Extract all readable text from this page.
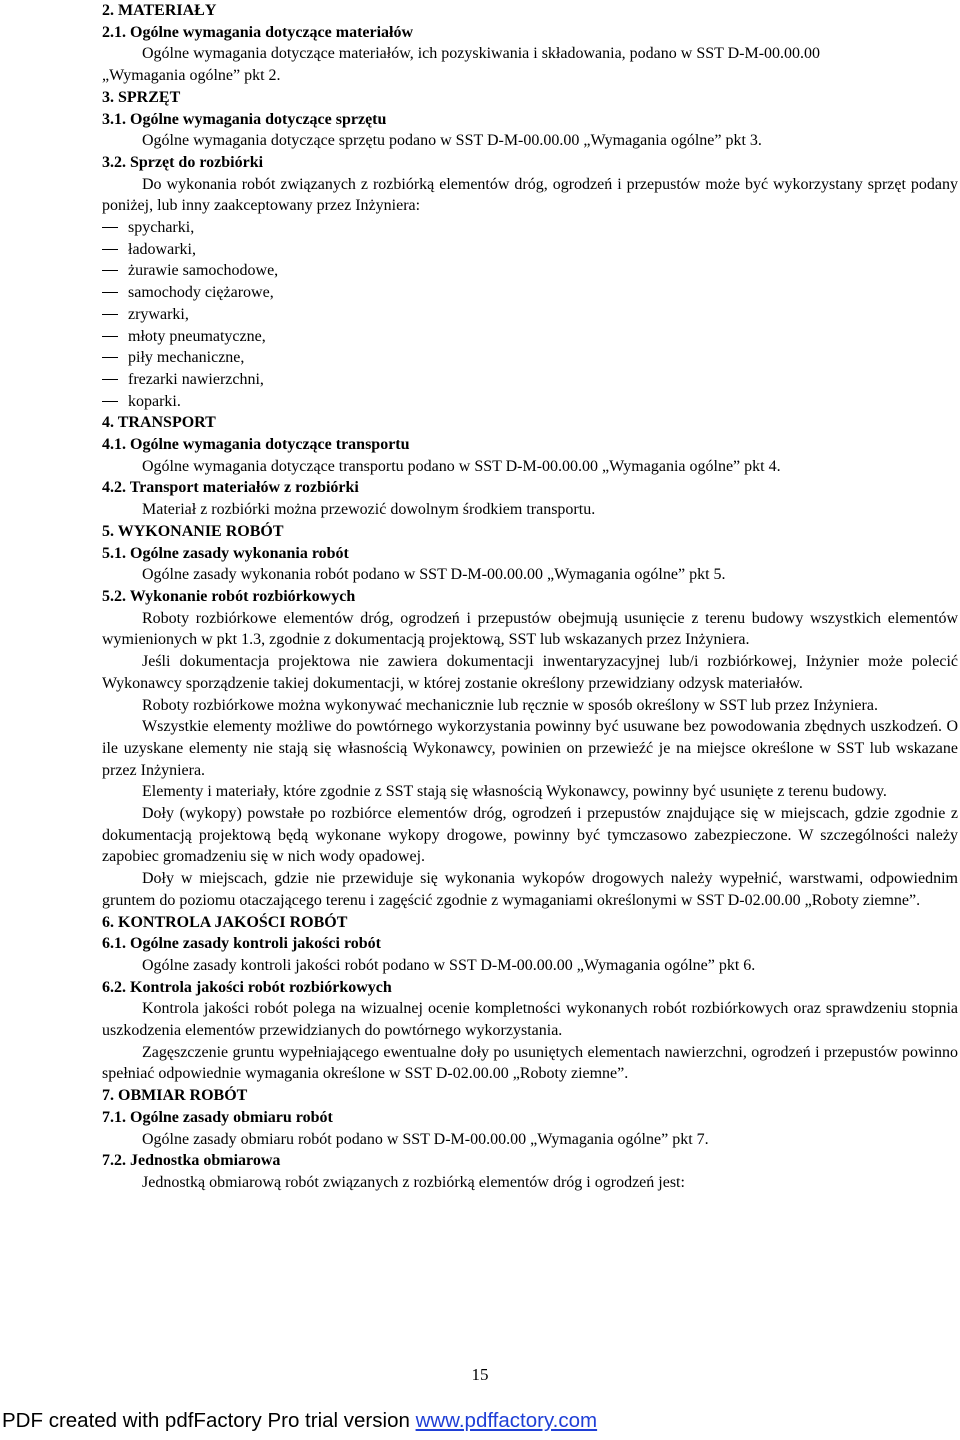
2. MATERIAŁY
2.1. Ogólne wymagania dotyczące materiałów
Ogólne wymagania dotyczące materiałów, ich pozyskiwania i składowania, podano w SST D-M-00.00.00
„Wymagania ogólne” pkt 2.
3. SPRZĘT
3.1. Ogólne wymagania dotyczące sprzętu
Ogólne wymagania dotyczące sprzętu podano w SST D-M-00.00.00 „Wymagania ogólne” pkt 3.
3.2. Sprzęt do rozbiórki
Do wykonania robót związanych z rozbiórką elementów dróg, ogrodzeń i przepustów może być wykorzystany sprzęt podany poniżej, lub inny zaakceptowany przez Inżyniera:
spycharki,
ładowarki,
żurawie samochodowe,
samochody ciężarowe,
zrywarki,
młoty pneumatyczne,
piły mechaniczne,
frezarki nawierzchni,
koparki.
4. TRANSPORT
4.1. Ogólne wymagania dotyczące transportu
Ogólne wymagania dotyczące transportu podano w SST D-M-00.00.00 „Wymagania ogólne” pkt 4.
4.2. Transport materiałów z rozbiórki
Materiał z rozbiórki można przewozić dowolnym środkiem transportu.
5. WYKONANIE ROBÓT
5.1. Ogólne zasady wykonania robót
Ogólne zasady wykonania robót podano w SST D-M-00.00.00 „Wymagania ogólne” pkt 5.
5.2. Wykonanie robót rozbiórkowych
Roboty rozbiórkowe elementów dróg, ogrodzeń i przepustów obejmują usunięcie z terenu budowy wszystkich elementów wymienionych w pkt 1.3, zgodnie z dokumentacją projektową, SST lub wskazanych przez Inżyniera.
Jeśli dokumentacja projektowa nie zawiera dokumentacji inwentaryzacyjnej lub/i rozbiórkowej, Inżynier może polecić Wykonawcy sporządzenie takiej dokumentacji, w której zostanie określony przewidziany odzysk materiałów.
Roboty rozbiórkowe można wykonywać mechanicznie lub ręcznie w sposób określony w SST lub przez Inżyniera.
Wszystkie elementy możliwe do powtórnego wykorzystania powinny być usuwane bez powodowania zbędnych uszkodzeń. O ile uzyskane elementy nie stają się własnością Wykonawcy, powinien on przewieźć je na miejsce określone w SST lub wskazane przez Inżyniera.
Elementy i materiały, które zgodnie z SST stają się własnością Wykonawcy, powinny być usunięte z terenu budowy.
Doły (wykopy) powstałe po rozbiórce elementów dróg, ogrodzeń i przepustów znajdujące się w miejscach, gdzie zgodnie z dokumentacją projektową będą wykonane wykopy drogowe, powinny być tymczasowo zabezpieczone. W szczególności należy zapobiec gromadzeniu się w nich wody opadowej.
Doły w miejscach, gdzie nie przewiduje się wykonania wykopów drogowych należy wypełnić, warstwami, odpowiednim gruntem do poziomu otaczającego terenu i zagęścić zgodnie z wymaganiami określonymi w SST D-02.00.00 „Roboty ziemne”.
6. KONTROLA JAKOŚCI ROBÓT
6.1. Ogólne zasady kontroli jakości robót
Ogólne zasady kontroli jakości robót podano w SST D-M-00.00.00 „Wymagania ogólne” pkt 6.
6.2. Kontrola jakości robót rozbiórkowych
Kontrola jakości robót polega na wizualnej ocenie kompletności wykonanych robót rozbiórkowych oraz sprawdzeniu stopnia uszkodzenia elementów przewidzianych do powtórnego wykorzystania.
Zagęszczenie gruntu wypełniającego ewentualne doły po usuniętych elementach nawierzchni, ogrodzeń i przepustów powinno spełniać odpowiednie wymagania określone w SST D-02.00.00 „Roboty ziemne”.
7. OBMIAR ROBÓT
7.1. Ogólne zasady obmiaru robót
Ogólne zasady obmiaru robót podano w SST D-M-00.00.00 „Wymagania ogólne” pkt 7.
7.2. Jednostka obmiarowa
Jednostką obmiarową robót związanych z rozbiórką elementów dróg i ogrodzeń jest:
15
PDF created with pdfFactory Pro trial version www.pdffactory.com
